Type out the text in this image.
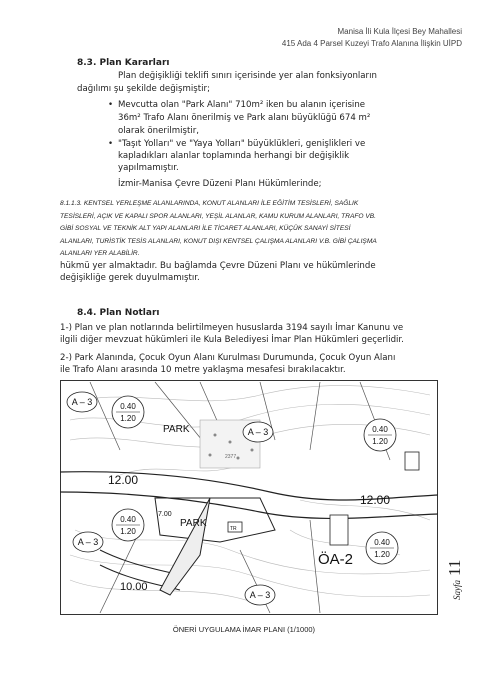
Manisa İli Kula İlçesi Bey Mahallesi
415 Ada 4 Parsel Kuzeyi Trafo Alanına İlişkin UİPD
8.3. Plan Kararları
Plan değişikliği teklifi sınırı içerisinde yer alan fonksiyonların
dağılımı şu şekilde değişmiştir;
• Mevcutta olan "Park Alanı" 710m² iken bu alanın içerisine
36m² Trafo Alanı önerilmiş ve Park alanı büyüklüğü 674 m²
olarak önerilmiştir,
• "Taşıt Yolları" ve "Yaya Yolları" büyüklükleri, genişlikleri ve
kapladıkları alanlar toplamında herhangi bir değişiklik
yapılmamıştır.
İzmir-Manisa Çevre Düzeni Planı Hükümlerinde;
8.1.1.3. KENTSEL YERLEŞME ALANLARINDA, KONUT ALANLARI İLE EĞİTİM TESİSLERİ, SAĞLIK
TESİSLERİ, AÇIK VE KAPALI SPOR ALANLARI, YEŞİL ALANLAR, KAMU KURUM ALANLARI, TRAFO VB.
GİBİ SOSYAL VE TEKNİK ALT YAPI ALANLARI İLE TİCARET ALANLARI, KÜÇÜK SANAYİ SİTESİ
ALANLARI, TURİSTİK TESİS ALANLARI, KONUT DIŞI KENTSEL ÇALIŞMA ALANLARI V.B. GİBİ ÇALIŞMA
ALANLARI YER ALABİLİR.
hükmü yer almaktadır. Bu bağlamda Çevre Düzeni Planı ve hükümlerinde
değişikliğe gerek duyulmamıştır.
8.4. Plan Notları
1-) Plan ve plan notlarında belirtilmeyen hususlarda 3194 sayılı İmar Kanunu ve
ilgili diğer mevzuat hükümleri ile Kula Belediyesi İmar Plan Hükümleri geçerlidir.
2-) Park Alanında, Çocuk Oyun Alanı Kurulması Durumunda, Çocuk Oyun Alanı
ile Trafo Alanı arasında 10 metre yaklaşma mesafesi bırakılacaktır.
A – 3
A – 3
A – 3
A – 3
0.40
1.20
0.40
1.20
0.40
1.20
0.40
1.20
PARK
PARK
12.00
12.00
10.00
7.00
ÖA-2
2377
TR
ÖNERİ UYGULAMA İMAR PLANI (1/1000)
Sayfa 11
